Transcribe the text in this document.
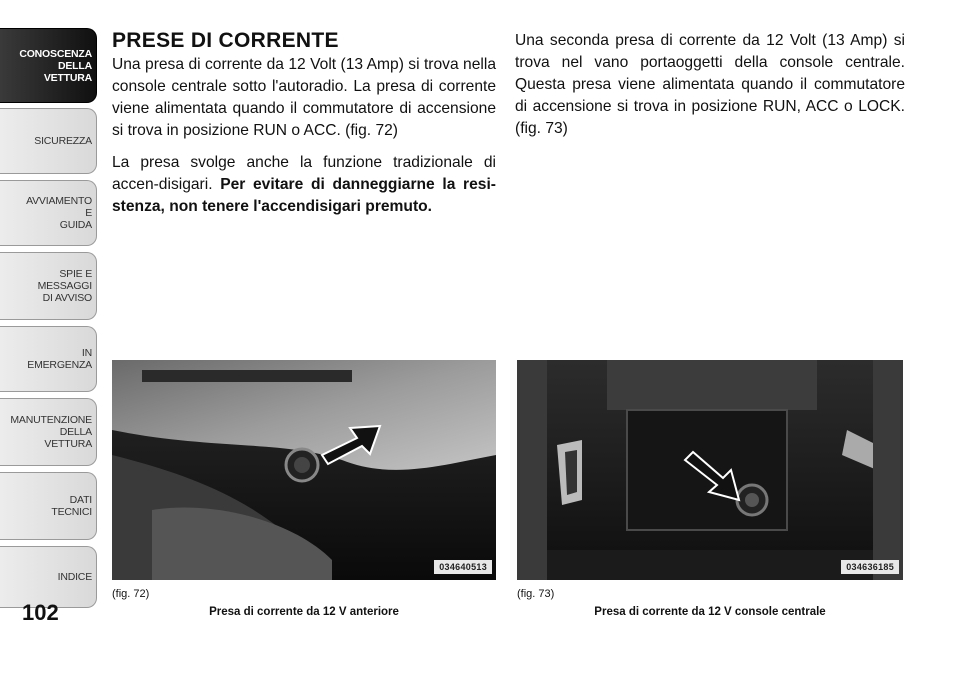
CONOSCENZA
DELLA
VETTURA
SICUREZZA
AVVIAMENTO
E
GUIDA
SPIE E
MESSAGGI
DI AVVISO
IN
EMERGENZA
MANUTENZIONE
DELLA
VETTURA
DATI
TECNICI
INDICE
102
PRESE DI CORRENTE

Una presa di corrente da 12 Volt (13 Amp) si trova nella console centrale sotto l'autoradio. La presa di corrente viene alimentata quando il commutatore di accensione si trova in posizione RUN o ACC. (fig. 72)

La presa svolge anche la funzione tradizionale di accen-disigari. Per evitare di danneggiarne la resi-stenza, non tenere l'accendisigari premuto.

Una seconda presa di corrente da 12 Volt (13 Amp) si trova nel vano portaoggetti della console centrale. Questa presa viene alimentata quando il commutatore di accensione si trova in posizione RUN, ACC o LOCK. (fig. 73)

034640513
(fig. 72)
Presa di corrente da 12 V anteriore
034636185
(fig. 73)
Presa di corrente da 12 V console centrale
